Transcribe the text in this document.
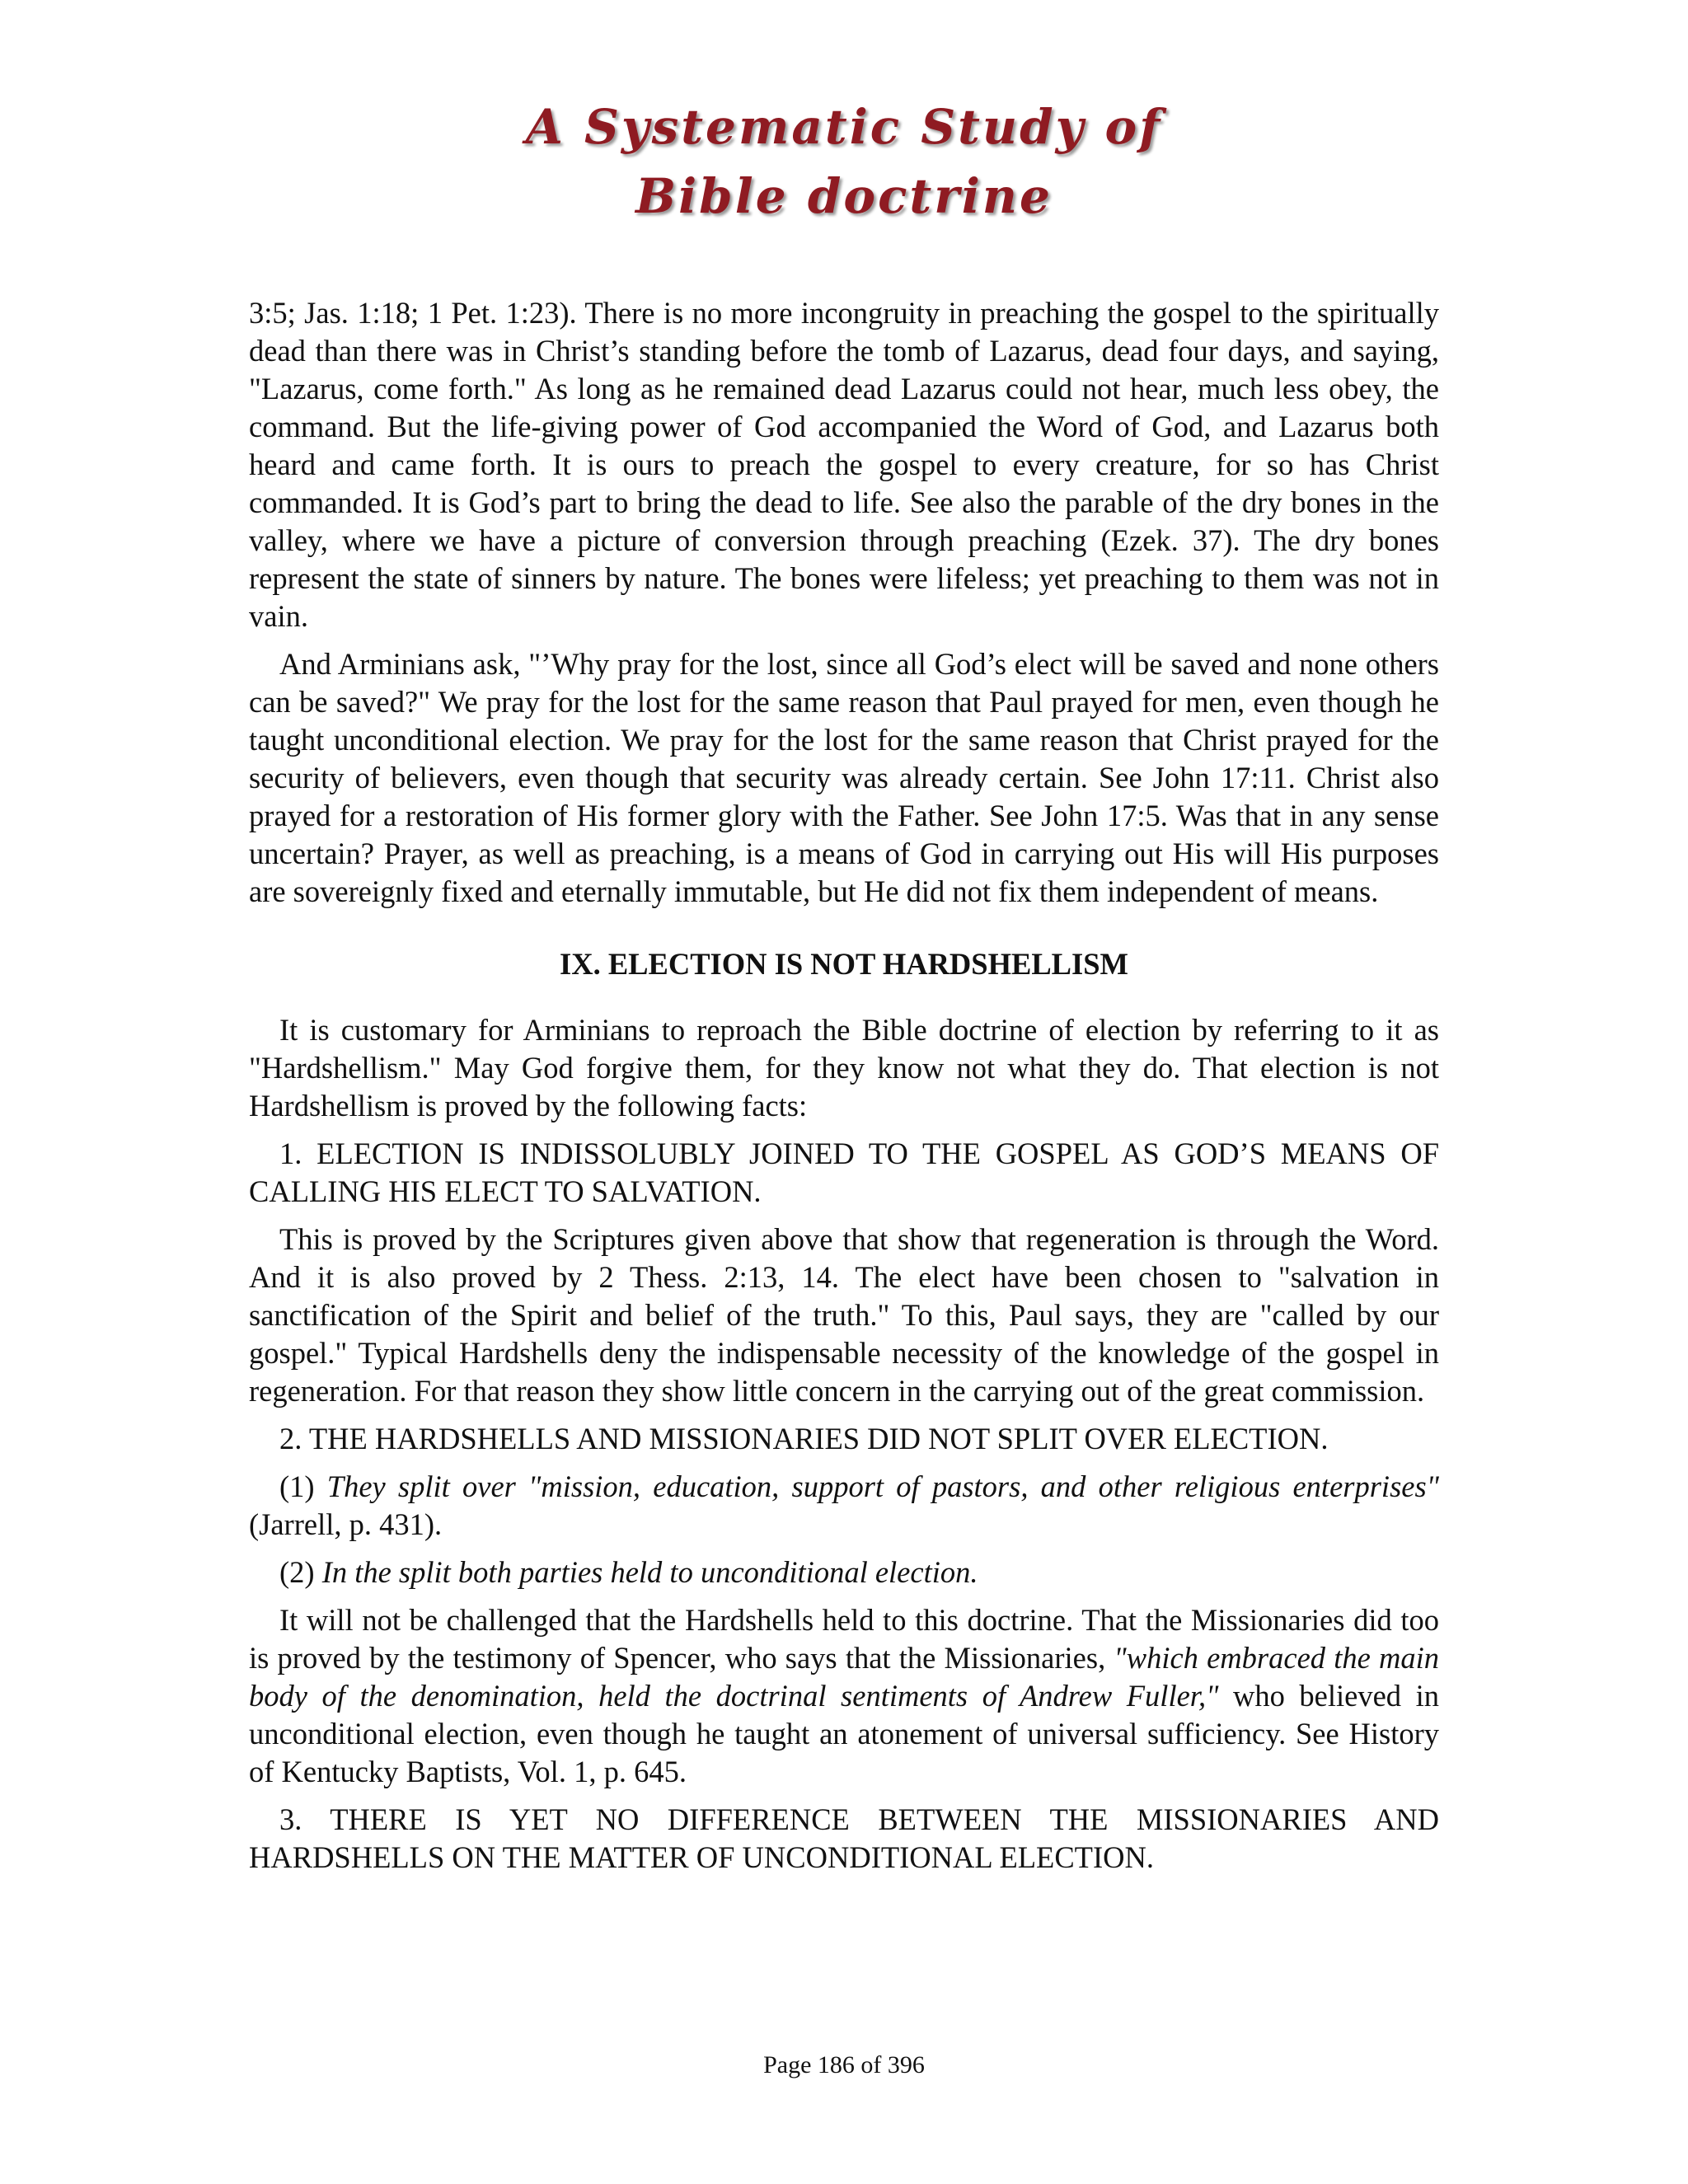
A Systematic Study of
Bible doctrine

3:5; Jas. 1:18; 1 Pet. 1:23). There is no more incongruity in preaching the gospel to the spiritually dead than there was in Christ’s standing before the tomb of Lazarus, dead four days, and saying, "Lazarus, come forth." As long as he remained dead Lazarus could not hear, much less obey, the command. But the life-giving power of God accompanied the Word of God, and Lazarus both heard and came forth. It is ours to preach the gospel to every creature, for so has Christ commanded. It is God’s part to bring the dead to life. See also the parable of the dry bones in the valley, where we have a picture of conversion through preaching (Ezek. 37). The dry bones represent the state of sinners by nature. The bones were lifeless; yet preaching to them was not in vain.

And Arminians ask, "’Why pray for the lost, since all God’s elect will be saved and none others can be saved?" We pray for the lost for the same reason that Paul prayed for men, even though he taught unconditional election. We pray for the lost for the same reason that Christ prayed for the security of believers, even though that security was already certain. See John 17:11. Christ also prayed for a restoration of His former glory with the Father. See John 17:5. Was that in any sense uncertain? Prayer, as well as preaching, is a means of God in carrying out His will His purposes are sovereignly fixed and eternally immutable, but He did not fix them independent of means.

IX. ELECTION IS NOT HARDSHELLISM

It is customary for Arminians to reproach the Bible doctrine of election by referring to it as "Hardshellism." May God forgive them, for they know not what they do. That election is not Hardshellism is proved by the following facts:

1. ELECTION IS INDISSOLUBLY JOINED TO THE GOSPEL AS GOD’S MEANS OF CALLING HIS ELECT TO SALVATION.

This is proved by the Scriptures given above that show that regeneration is through the Word. And it is also proved by 2 Thess. 2:13, 14. The elect have been chosen to "salvation in sanctification of the Spirit and belief of the truth." To this, Paul says, they are "called by our gospel." Typical Hardshells deny the indispensable necessity of the knowledge of the gospel in regeneration. For that reason they show little concern in the carrying out of the great commission.

2. THE HARDSHELLS AND MISSIONARIES DID NOT SPLIT OVER ELECTION.

(1) They split over "mission, education, support of pastors, and other religious enterprises" (Jarrell, p. 431).

(2) In the split both parties held to unconditional election.

It will not be challenged that the Hardshells held to this doctrine. That the Missionaries did too is proved by the testimony of Spencer, who says that the Missionaries, "which embraced the main body of the denomination, held the doctrinal sentiments of Andrew Fuller," who believed in unconditional election, even though he taught an atonement of universal sufficiency. See History of Kentucky Baptists, Vol. 1, p. 645.

3. THERE IS YET NO DIFFERENCE BETWEEN THE MISSIONARIES AND HARDSHELLS ON THE MATTER OF UNCONDITIONAL ELECTION.

Page 186 of 396
